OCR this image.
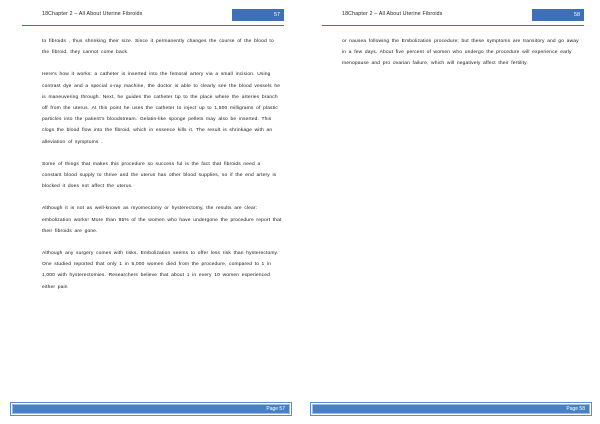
18Chapter 2 – All About Uterine Fibroids	57

to fibroids , thus shrinking their size. Since it permanently changes the course of the blood to the fibroid, they cannot come back.

Here's how it works: a catheter is inserted into the femoral artery via a small incision. Using contrast dye and a special x-ray machine, the doctor is able to clearly see the blood vessels he is maneuvering through. Next, he guides the catheter tip to the place where the arteries branch off from the uterus. At this point he uses the catheter to inject up to 1,500 milligrams of plastic particles into the patient's bloodstream. Gelatin-like sponge pellets may also be inserted. This clogs the blood flow into the fibroid, which in essence kills it. The result is shrinkage with an alleviation of symptoms .

Some of things that makes this procedure so success ful is the fact that fibroids need a constant blood supply to thrive and the uterus has other blood supplies, so if the end artery is blocked it does not affect the uterus.

Although it is not as well-known as myomectomy or hysterectomy, the results are clear: embolization works! More than 85% of the women who have undergone the procedure report that their fibroids are gone.

Although any surgery comes with risks, Embolization seems to offer less risk than hysterectomy. One studied reported that only 1 in 5,000 women died from the procedure, compared to 1 in 1,000 with hysterectomies. Researchers believe that about 1 in every 10 women experienced either pain

Page 57
18Chapter 2 – All About Uterine Fibroids	58

or nausea following the Embolization procedure; but these symptoms are transitory and go away in a few days. About five percent of women who undergo the procedure will experience early menopause and pro ovarian failure, which will negatively affect their fertility.

Page 58
